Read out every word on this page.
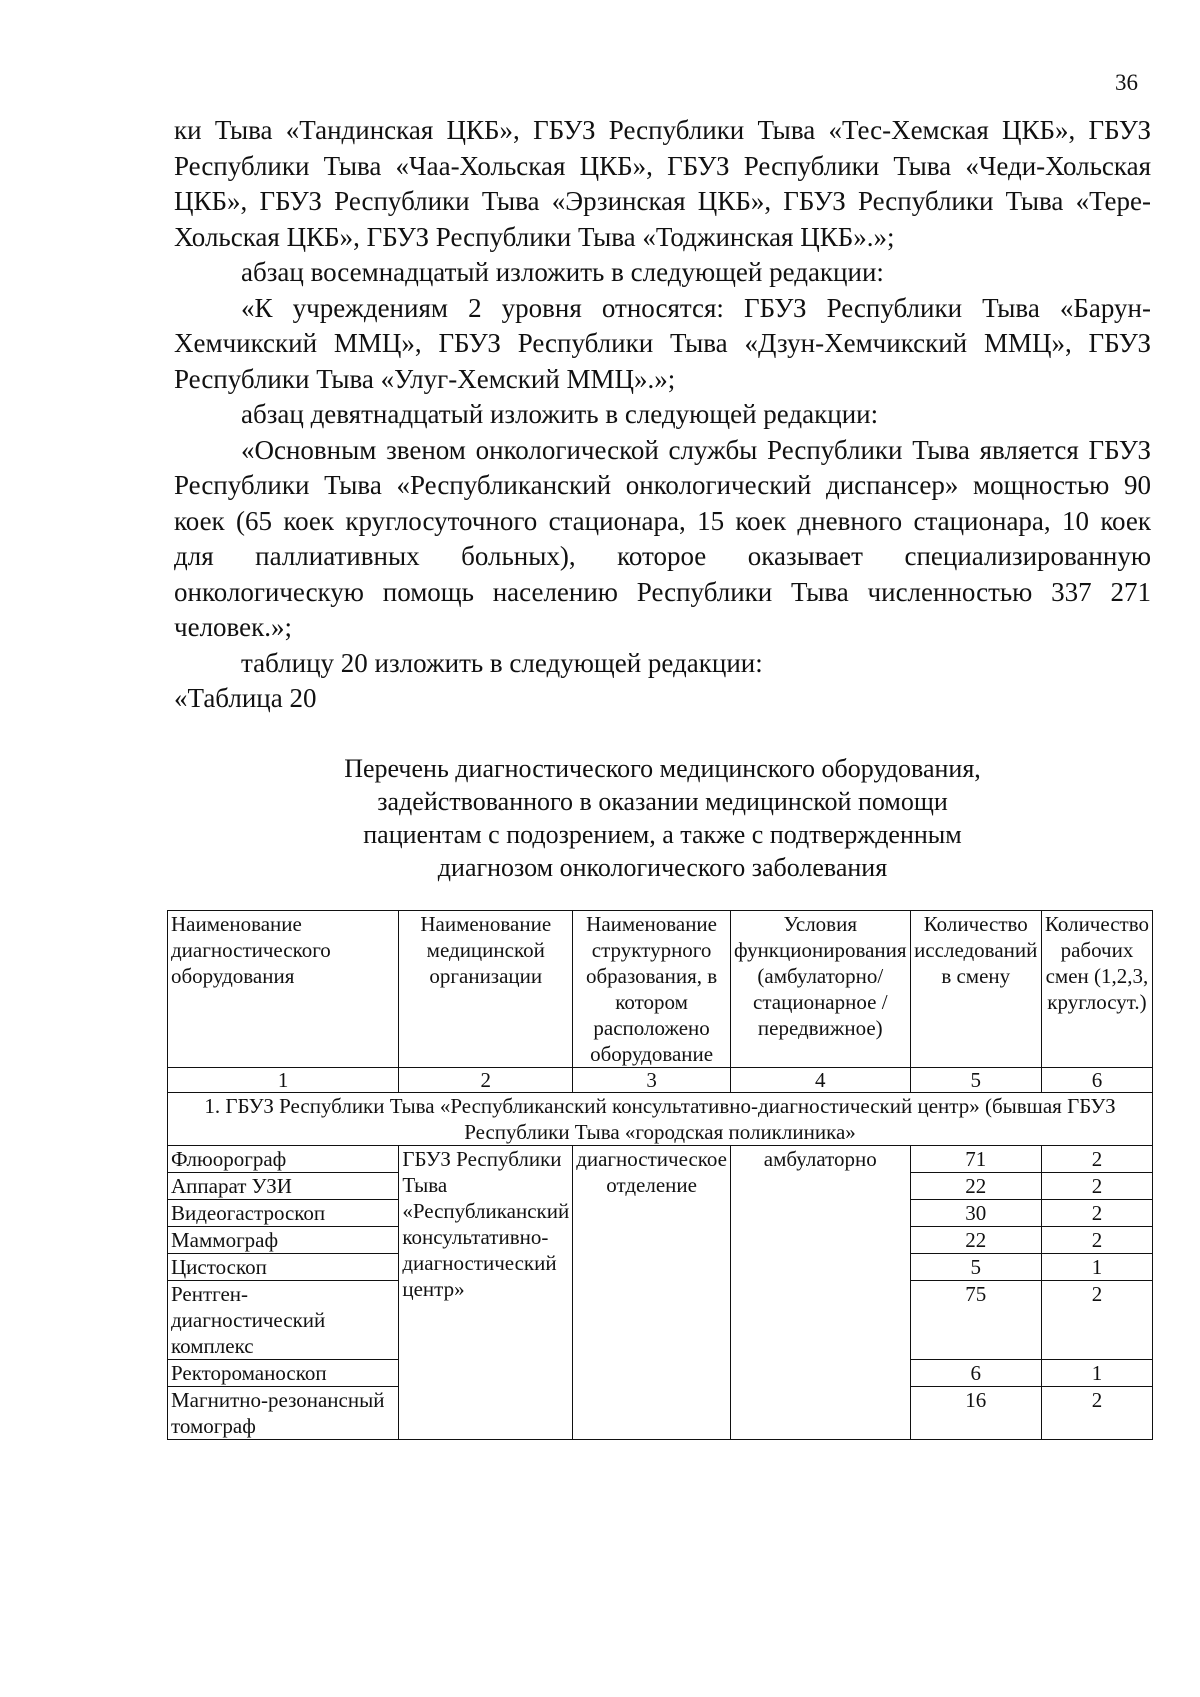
36

ки Тыва «Тандинская ЦКБ», ГБУЗ Республики Тыва «Тес-Хемская ЦКБ», ГБУЗ Республики Тыва «Чаа-Хольская ЦКБ», ГБУЗ Республики Тыва «Чеди-Хольская ЦКБ», ГБУЗ Республики Тыва «Эрзинская ЦКБ», ГБУЗ Республики Тыва «Тере-Хольская ЦКБ», ГБУЗ Республики Тыва «Тоджинская ЦКБ».»;

абзац восемнадцатый изложить в следующей редакции:

«К учреждениям 2 уровня относятся: ГБУЗ Республики Тыва «Барун-Хемчикский ММЦ», ГБУЗ Республики Тыва «Дзун-Хемчикский ММЦ», ГБУЗ Республики Тыва «Улуг-Хемский ММЦ».»;

абзац девятнадцатый изложить в следующей редакции:

«Основным звеном онкологической службы Республики Тыва является ГБУЗ Республики Тыва «Республиканский онкологический диспансер» мощностью 90 коек (65 коек круглосуточного стационара, 15 коек дневного стационара, 10 коек для паллиативных больных), которое оказывает специализированную онкологическую помощь населению Республики Тыва численностью 337 271 человек.»;

таблицу 20 изложить в следующей редакции:

«Таблица 20

Перечень диагностического медицинского оборудования,
задействованного в оказании медицинской помощи
пациентам с подозрением, а также с подтвержденным
диагнозом онкологического заболевания
Наименование диагностического оборудования	Наименование медицинской организации	Наименование структурного образования, в котором расположено оборудование	Условия функционирования (амбулаторно/ стационарное /передвижное)	Количество исследований в смену	Количество рабочих смен (1,2,3, круглосут.)
1	2	3	4	5	6
1. ГБУЗ Республики Тыва «Республиканский консультативно-диагностический центр» (бывшая ГБУЗ Республики Тыва «городская поликлиника»					
Флюорограф	ГБУЗ Республики Тыва «Республиканский консультативно-диагностический центр»	диагностическое отделение	амбулаторно	71	2
Аппарат УЗИ				22	2
Видеогастроскоп				30	2
Маммограф				22	2
Цистоскоп				5	1
Рентген-диагностический комплекс				75	2
Ректороманоскоп				6	1
Магнитно-резонансный томограф				16	2
